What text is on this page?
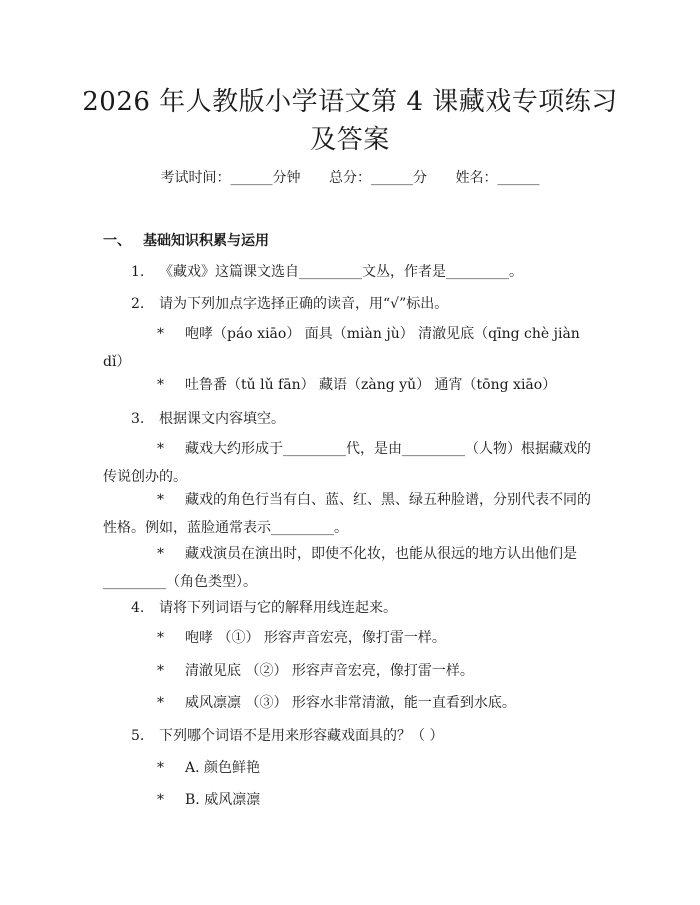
2026 年人教版小学语文第 4 课藏戏专项练习
及答案
考试时间：______分钟 总分：______分 姓名：______
一、 基础知识积累与运用
1. 《藏戏》这篇课文选自_________文丛，作者是_________。
2. 请为下列加点字选择正确的读音，用“√”标出。
* 咆哮（páo xiāo） 面具（miàn jù） 清澈见底（qīng chè jiàn dǐ）
* 吐鲁番（tǔ lǔ fān） 藏语（zàng yǔ） 通宵（tōng xiāo）
3. 根据课文内容填空。
* 藏戏大约形成于_________代，是由_________（人物）根据藏戏的传说创办的。
* 藏戏的角色行当有白、蓝、红、黑、绿五种脸谱，分别代表不同的性格。例如，蓝脸通常表示_________。
* 藏戏演员在演出时，即使不化妆，也能从很远的地方认出他们是_________（角色类型）。
4. 请将下列词语与它的解释用线连起来。
* 咆哮 （①） 形容声音宏亮，像打雷一样。
* 清澈见底 （②） 形容声音宏亮，像打雷一样。
* 威风凛凛 （③） 形容水非常清澈，能一直看到水底。
5. 下列哪个词语不是用来形容藏戏面具的？（ ）
* A. 颜色鲜艳
* B. 威风凛凛
